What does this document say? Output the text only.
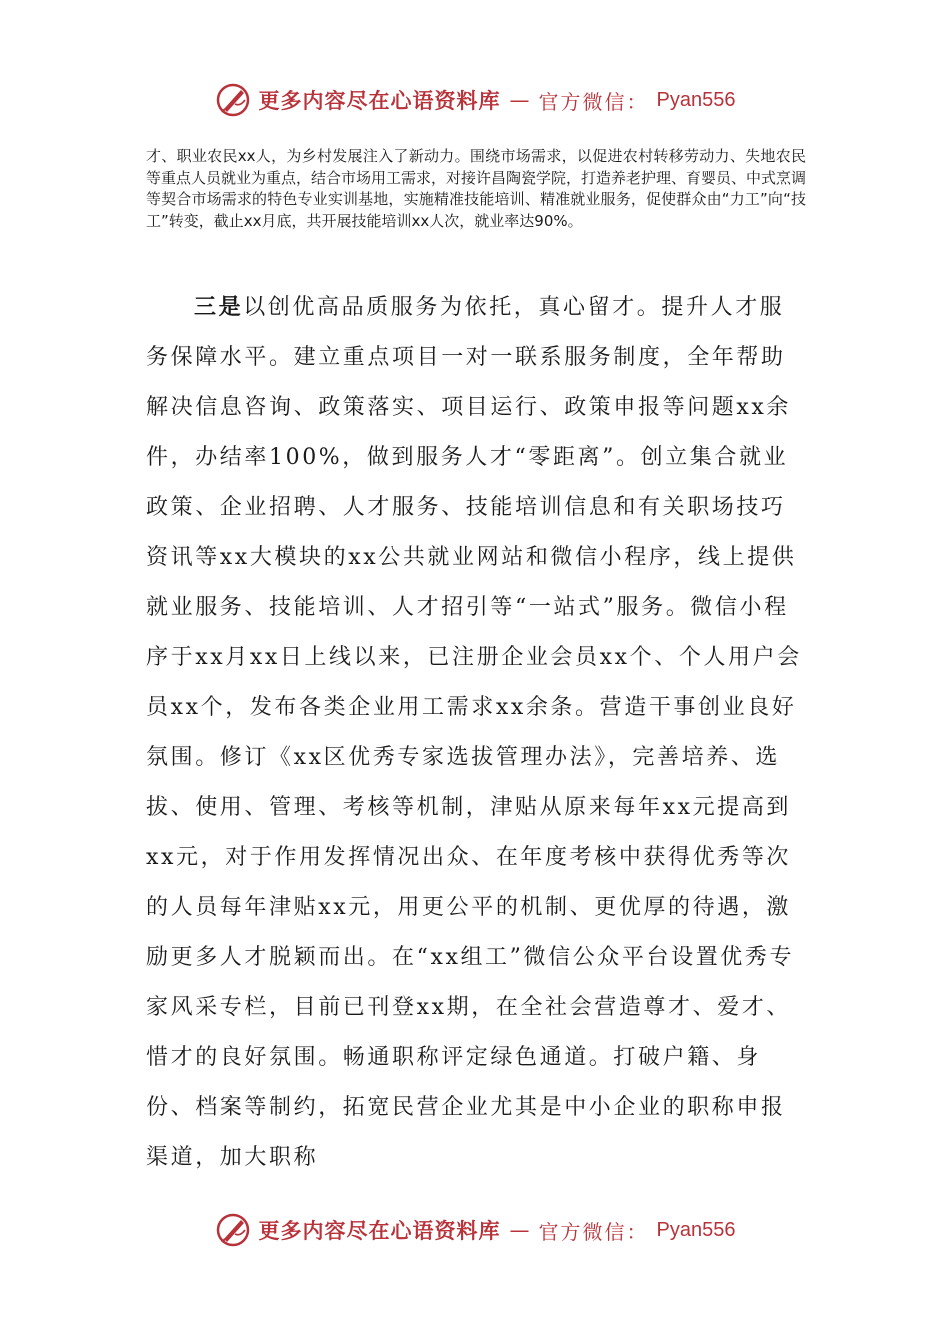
更多内容尽在心语资料库 — 官方微信： Pyan556

才、职业农民xx人，为乡村发展注入了新动力。围绕市场需求，以促进农村转移劳动力、失地农民等重点人员就业为重点，结合市场用工需求，对接许昌陶瓷学院，打造养老护理、育婴员、中式烹调等契合市场需求的特色专业实训基地，实施精准技能培训、精准就业服务，促使群众由“力工”向“技工”转变，截止xx月底，共开展技能培训xx人次，就业率达90%。

三是以创优高品质服务为依托，真心留才。提升人才服务保障水平。建立重点项目一对一联系服务制度，全年帮助解决信息咨询、政策落实、项目运行、政策申报等问题xx余件，办结率100%，做到服务人才“零距离”。创立集合就业政策、企业招聘、人才服务、技能培训信息和有关职场技巧资讯等xx大模块的xx公共就业网站和微信小程序，线上提供就业服务、技能培训、人才招引等“一站式”服务。微信小程序于xx月xx日上线以来，已注册企业会员xx个、个人用户会员xx个，发布各类企业用工需求xx余条。营造干事创业良好氛围。修订《xx区优秀专家选拔管理办法》，完善培养、选拔、使用、管理、考核等机制，津贴从原来每年xx元提高到xx元，对于作用发挥情况出众、在年度考核中获得优秀等次的人员每年津贴xx元，用更公平的机制、更优厚的待遇，激励更多人才脱颖而出。在“xx组工”微信公众平台设置优秀专家风采专栏，目前已刊登xx期，在全社会营造尊才、爱才、惜才的良好氛围。畅通职称评定绿色通道。打破户籍、身份、档案等制约，拓宽民营企业尤其是中小企业的职称申报渠道，加大职称

更多内容尽在心语资料库 — 官方微信： Pyan556
